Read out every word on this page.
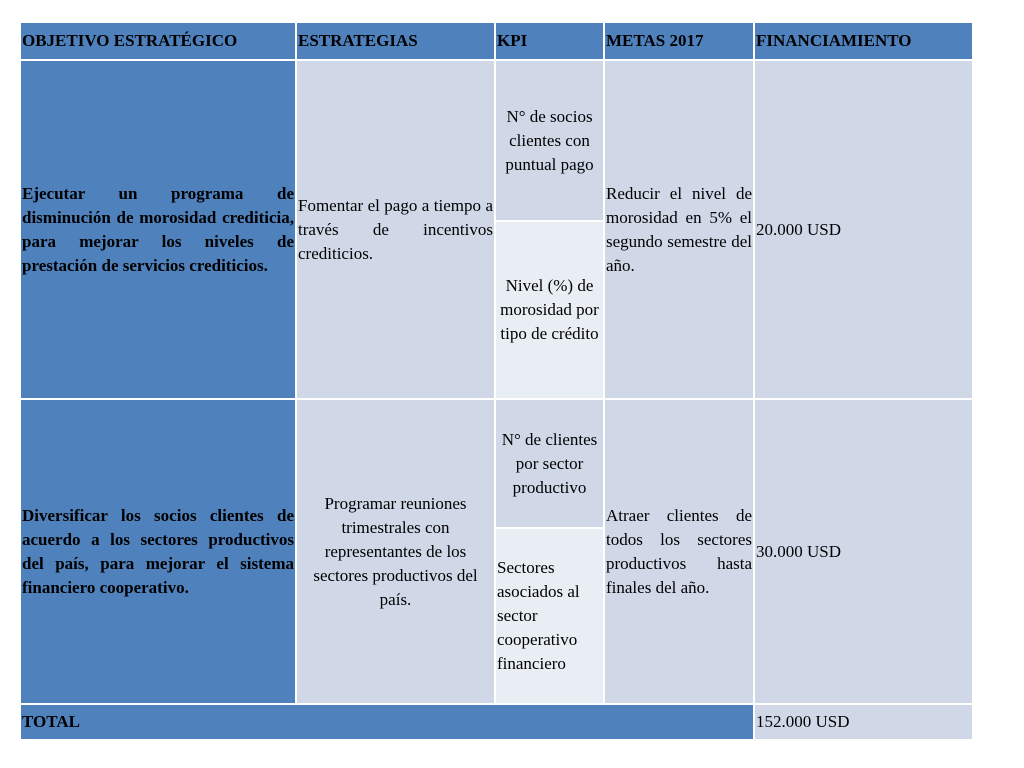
OBJETIVO ESTRATÉGICO	ESTRATEGIAS	KPI	METAS 2017	FINANCIAMIENTO
Ejecutar un programa de disminución de morosidad crediticia, para mejorar los niveles de prestación de servicios crediticios.	Fomentar el pago a tiempo a través de incentivos crediticios.	N° de socios clientes con puntual pago	Reducir el nivel de morosidad en 5% el segundo semestre del año.	20.000 USD
		Nivel (%) de morosidad por tipo de crédito		
Diversificar los socios clientes de acuerdo a los sectores productivos del país, para mejorar el sistema financiero cooperativo.	Programar reuniones trimestrales con representantes de los sectores productivos del país.	N° de clientes por sector productivo	Atraer clientes de todos los sectores productivos hasta finales del año.	30.000 USD
		Sectores asociados al sector cooperativo financiero		
TOTAL				152.000 USD
